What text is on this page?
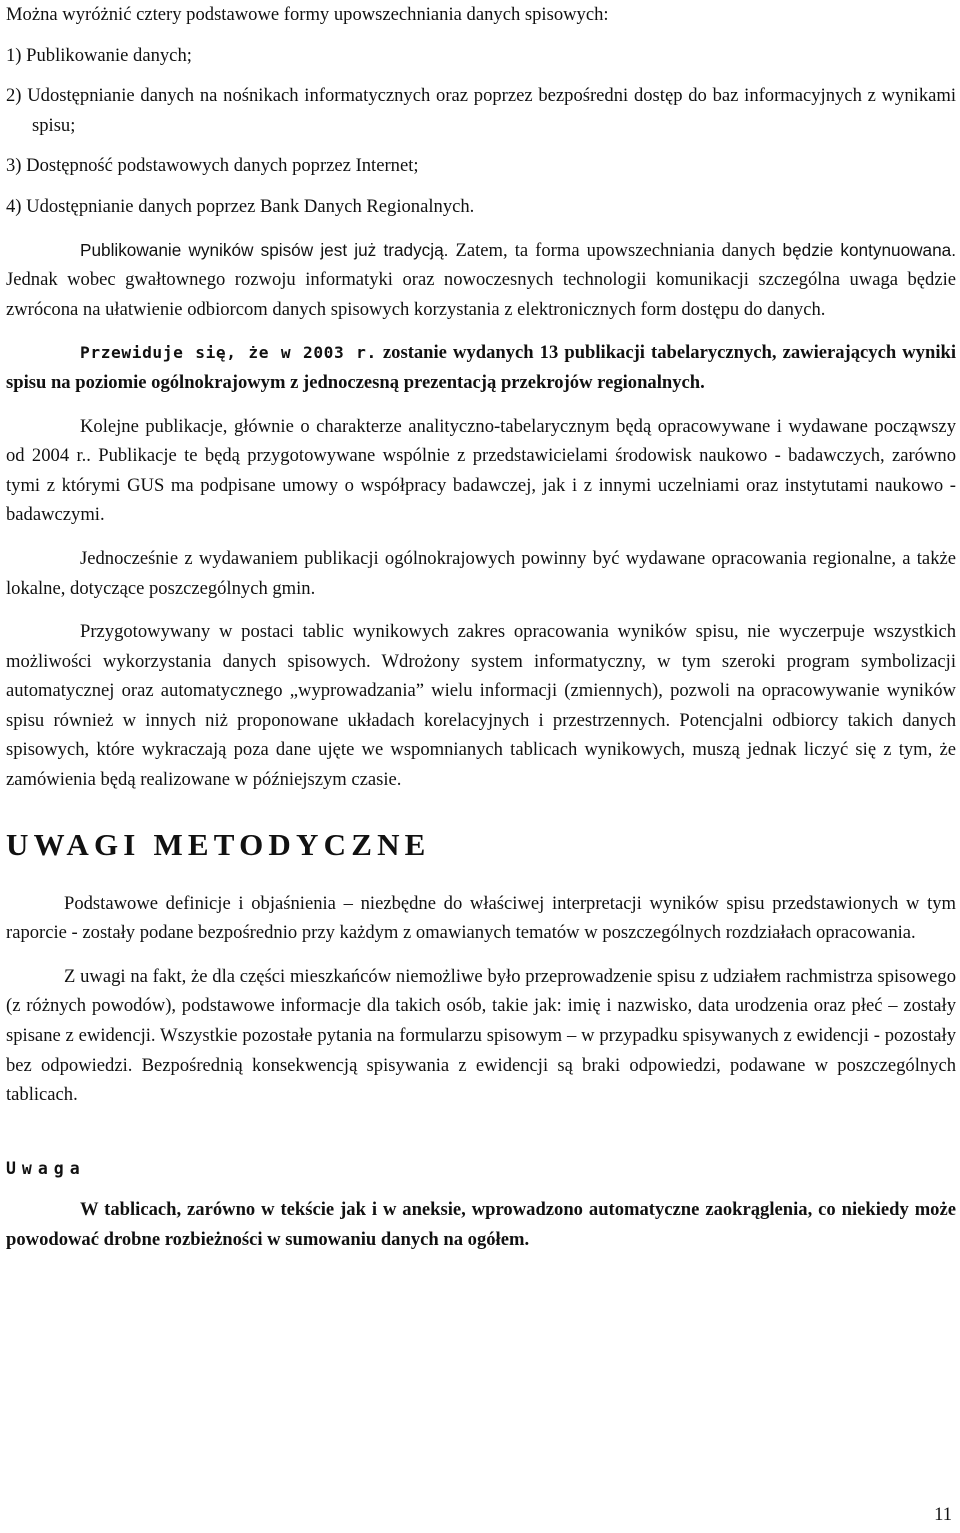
Można wyróżnić cztery podstawowe formy upowszechniania danych spisowych:

1) Publikowanie danych;

2) Udostępnianie danych na nośnikach informatycznych oraz poprzez bezpośredni dostęp do baz informacyjnych z wynikami spisu;

3) Dostępność podstawowych danych poprzez Internet;

4) Udostępnianie danych poprzez Bank Danych Regionalnych.

Publikowanie wyników spisów jest już tradycją. Zatem, ta forma upowszechniania danych będzie kontynuowana. Jednak wobec gwałtownego rozwoju informatyki oraz nowoczesnych technologii komunikacji szczególna uwaga będzie zwrócona na ułatwienie odbiorcom danych spisowych korzystania z elektronicznych form dostępu do danych.

Przewiduje się, że w 2003 r. zostanie wydanych 13 publikacji tabelarycznych, zawierających wyniki spisu na poziomie ogólnokrajowym z jednoczesną prezentacją przekrojów regionalnych.

Kolejne publikacje, głównie o charakterze analityczno-tabelarycznym będą opracowywane i wydawane począwszy od 2004 r.. Publikacje te będą przygotowywane wspólnie z przedstawicielami środowisk naukowo - badawczych, zarówno tymi z którymi GUS ma podpisane umowy o współpracy badawczej, jak i z innymi uczelniami oraz instytutami naukowo - badawczymi.

Jednocześnie z wydawaniem publikacji ogólnokrajowych powinny być wydawane opracowania regionalne, a także lokalne, dotyczące poszczególnych gmin.

Przygotowywany w postaci tablic wynikowych zakres opracowania wyników spisu, nie wyczerpuje wszystkich możliwości wykorzystania danych spisowych. Wdrożony system informatyczny, w tym szeroki program symbolizacji automatycznej oraz automatycznego „wyprowadzania” wielu informacji (zmiennych), pozwoli na opracowywanie wyników spisu również w innych niż proponowane układach korelacyjnych i przestrzennych. Potencjalni odbiorcy takich danych spisowych, które wykraczają poza dane ujęte we wspomnianych tablicach wynikowych, muszą jednak liczyć się z tym, że zamówienia będą realizowane w późniejszym czasie.

UWAGI METODYCZNE

Podstawowe definicje i objaśnienia – niezbędne do właściwej interpretacji wyników spisu przedstawionych w tym raporcie - zostały podane bezpośrednio przy każdym z omawianych tematów w poszczególnych rozdziałach opracowania.

Z uwagi na fakt, że dla części mieszkańców niemożliwe było przeprowadzenie spisu z udziałem rachmistrza spisowego (z różnych powodów), podstawowe informacje dla takich osób, takie jak: imię i nazwisko, data urodzenia oraz płeć – zostały spisane z ewidencji. Wszystkie pozostałe pytania na formularzu spisowym – w przypadku spisywanych z ewidencji - pozostały bez odpowiedzi. Bezpośrednią konsekwencją spisywania z ewidencji są braki odpowiedzi, podawane w poszczególnych tablicach.

Uwaga

W tablicach, zarówno w tekście jak i w aneksie, wprowadzono automatyczne zaokrąglenia, co niekiedy może powodować drobne rozbieżności w sumowaniu danych na ogółem.

11
